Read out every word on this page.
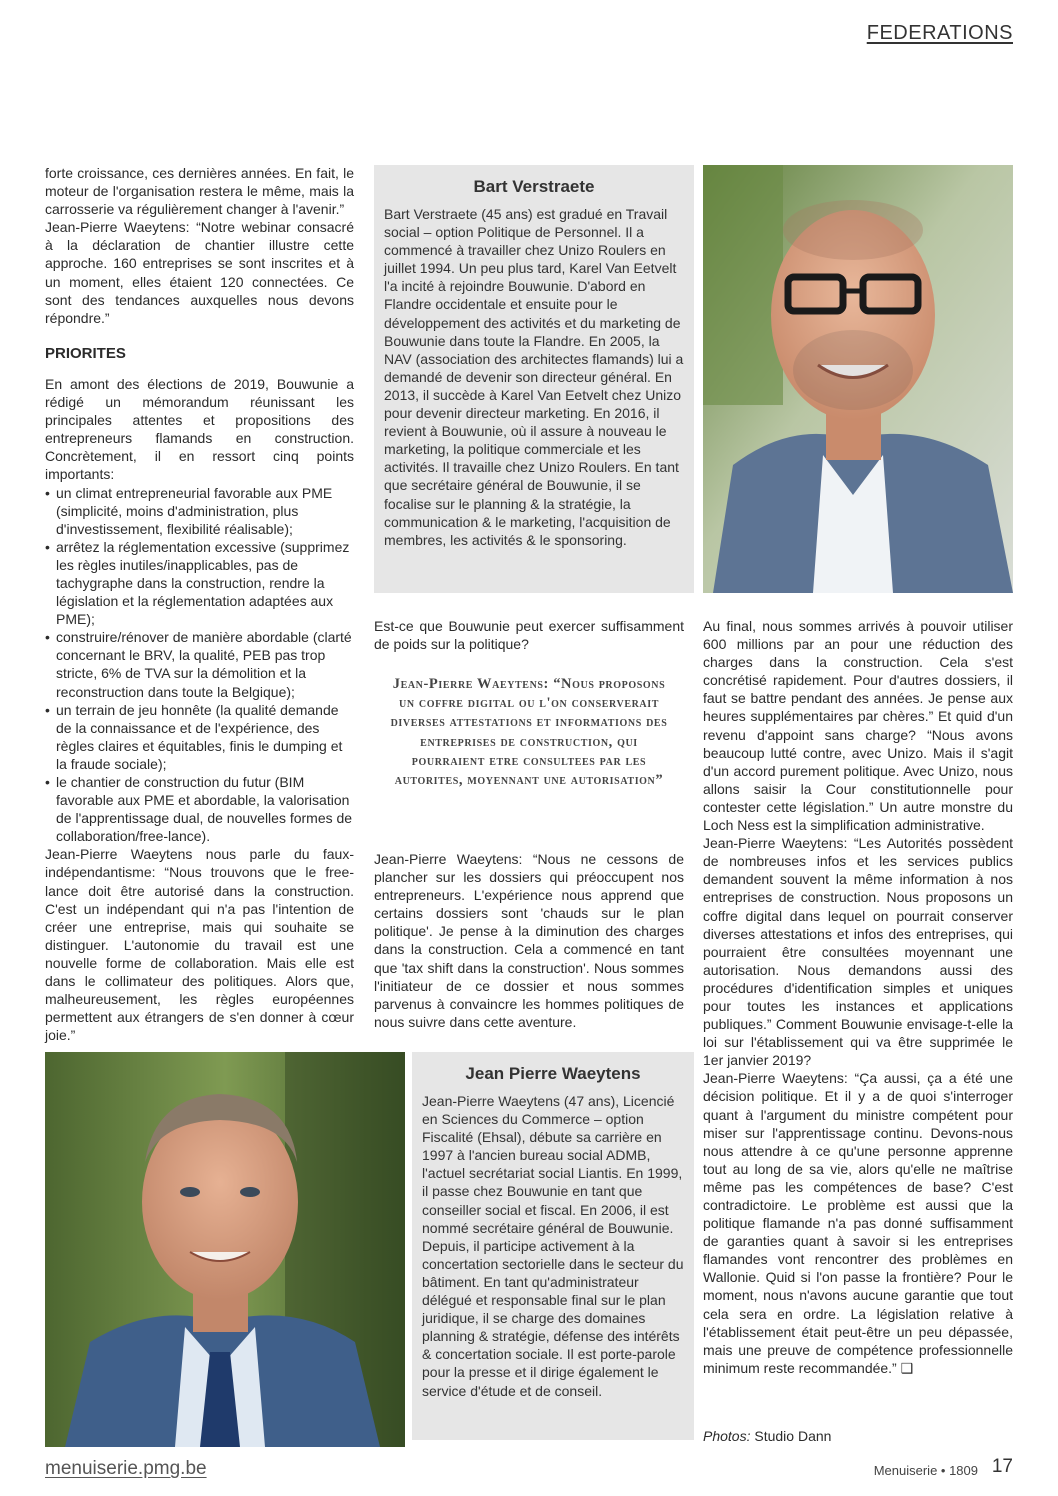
FEDERATIONS

forte croissance, ces dernières années. En fait, le moteur de l'organisation restera le même, mais la carrosserie va régulièrement changer à l'avenir.”

Jean-Pierre Waeytens: “Notre webinar consacré à la déclaration de chantier illustre cette approche. 160 entreprises se sont inscrites et à un moment, elles étaient 120 connectées. Ce sont des tendances auxquelles nous devons répondre.”

PRIORITES

En amont des élections de 2019, Bouwunie a rédigé un mémorandum réunissant les principales attentes et propositions des entrepreneurs flamands en construction. Concrètement, il en ressort cinq points importants:

• un climat entrepreneurial favorable aux PME (simplicité, moins d'administration, plus d'investissement, flexibilité réalisable);
• arrêtez la réglementation excessive (supprimez les règles inutiles/inapplicables, pas de tachygraphe dans la construction, rendre la législation et la réglementation adaptées aux PME);
• construire/rénover de manière abordable (clarté concernant le BRV, la qualité, PEB pas trop stricte, 6% de TVA sur la démolition et la reconstruction dans toute la Belgique);
• un terrain de jeu honnête (la qualité demande de la connaissance et de l'expérience, des règles claires et équitables, finis le dumping et la fraude sociale);
• le chantier de construction du futur (BIM favorable aux PME et abordable, la valorisation de l'apprentissage dual, de nouvelles formes de collaboration/free-lance).

Jean-Pierre Waeytens nous parle du faux-indépendantisme: “Nous trouvons que le free-lance doit être autorisé dans la construction. C'est un indépendant qui n'a pas l'intention de créer une entreprise, mais qui souhaite se distinguer. L'autonomie du travail est une nouvelle forme de collaboration. Mais elle est dans le collimateur des politiques. Alors que, malheureusement, les règles européennes permettent aux étrangers de s'en donner à cœur joie.”

Bart Verstraete
Bart Verstraete (45 ans) est gradué en Travail social – option Politique de Personnel. Il a commencé à travailler chez Unizo Roulers en juillet 1994. Un peu plus tard, Karel Van Eetvelt l'a incité à rejoindre Bouwunie. D'abord en Flandre occidentale et ensuite pour le développement des activités et du marketing de Bouwunie dans toute la Flandre. En 2005, la NAV (association des architectes flamands) lui a demandé de devenir son directeur général. En 2013, il succède à Karel Van Eetvelt chez Unizo pour devenir directeur marketing. En 2016, il revient à Bouwunie, où il assure à nouveau le marketing, la politique commerciale et les activités. Il travaille chez Unizo Roulers. En tant que secrétaire général de Bouwunie, il se focalise sur le planning & la stratégie, la communication & le marketing, l'acquisition de membres, les activités & le sponsoring.

Est-ce que Bouwunie peut exercer suffisamment de poids sur la politique?

Jean-Pierre Waeytens: “Nous proposons un coffre digital ou l'on conserverait diverses attestations et informations des entreprises de construction, qui pourraient etre consultees par les autorites, moyennant une autorisation”

Jean-Pierre Waeytens: “Nous ne cessons de plancher sur les dossiers qui préoccupent nos entrepreneurs. L'expérience nous apprend que certains dossiers sont 'chauds sur le plan politique'. Je pense à la diminution des charges dans la construction. Cela a commencé en tant que 'tax shift dans la construction'. Nous sommes l'initiateur de ce dossier et nous sommes parvenus à convaincre les hommes politiques de nous suivre dans cette aventure.

Au final, nous sommes arrivés à pouvoir utiliser 600 millions par an pour une réduction des charges dans la construction. Cela s'est concrétisé rapidement. Pour d'autres dossiers, il faut se battre pendant des années. Je pense aux heures supplémentaires par chères.” Et quid d'un revenu d'appoint sans charge? “Nous avons beaucoup lutté contre, avec Unizo. Mais il s'agit d'un accord purement politique. Avec Unizo, nous allons saisir la Cour constitutionnelle pour contester cette législation.” Un autre monstre du Loch Ness est la simplification administrative.

Jean-Pierre Waeytens: “Les Autorités possèdent de nombreuses infos et les services publics demandent souvent la même information à nos entreprises de construction. Nous proposons un coffre digital dans lequel on pourrait conserver diverses attestations et infos des entreprises, qui pourraient être consultées moyennant une autorisation. Nous demandons aussi des procédures d'identification simples et uniques pour toutes les instances et applications publiques.” Comment Bouwunie envisage-t-elle la loi sur l'établissement qui va être supprimée le 1er janvier 2019?

Jean-Pierre Waeytens: “Ça aussi, ça a été une décision politique. Et il y a de quoi s'interroger quant à l'argument du ministre compétent pour miser sur l'apprentissage continu. Devons-nous nous attendre à ce qu'une personne apprenne tout au long de sa vie, alors qu'elle ne maîtrise même pas les compétences de base? C'est contradictoire. Le problème est aussi que la politique flamande n'a pas donné suffisamment de garanties quant à savoir si les entreprises flamandes vont rencontrer des problèmes en Wallonie. Quid si l'on passe la frontière? Pour le moment, nous n'avons aucune garantie que tout cela sera en ordre. La législation relative à l'établissement était peut-être un peu dépassée, mais une preuve de compétence professionnelle minimum reste recommandée.” ❑

Photos: Studio Dann
Jean Pierre Waeytens
Jean-Pierre Waeytens (47 ans), Licencié en Sciences du Commerce – option Fiscalité (Ehsal), débute sa carrière en 1997 à l'ancien bureau social ADMB, l'actuel secrétariat social Liantis. En 1999, il passe chez Bouwunie en tant que conseiller social et fiscal. En 2006, il est nommé secrétaire général de Bouwunie. Depuis, il participe activement à la concertation sectorielle dans le secteur du bâtiment. En tant qu'administrateur délégué et responsable final sur le plan juridique, il se charge des domaines planning & stratégie, défense des intérêts & concertation sociale. Il est porte-parole pour la presse et il dirige également le service d'étude et de conseil.
menuiserie.pmg.be	Menuiserie • 1809 17
